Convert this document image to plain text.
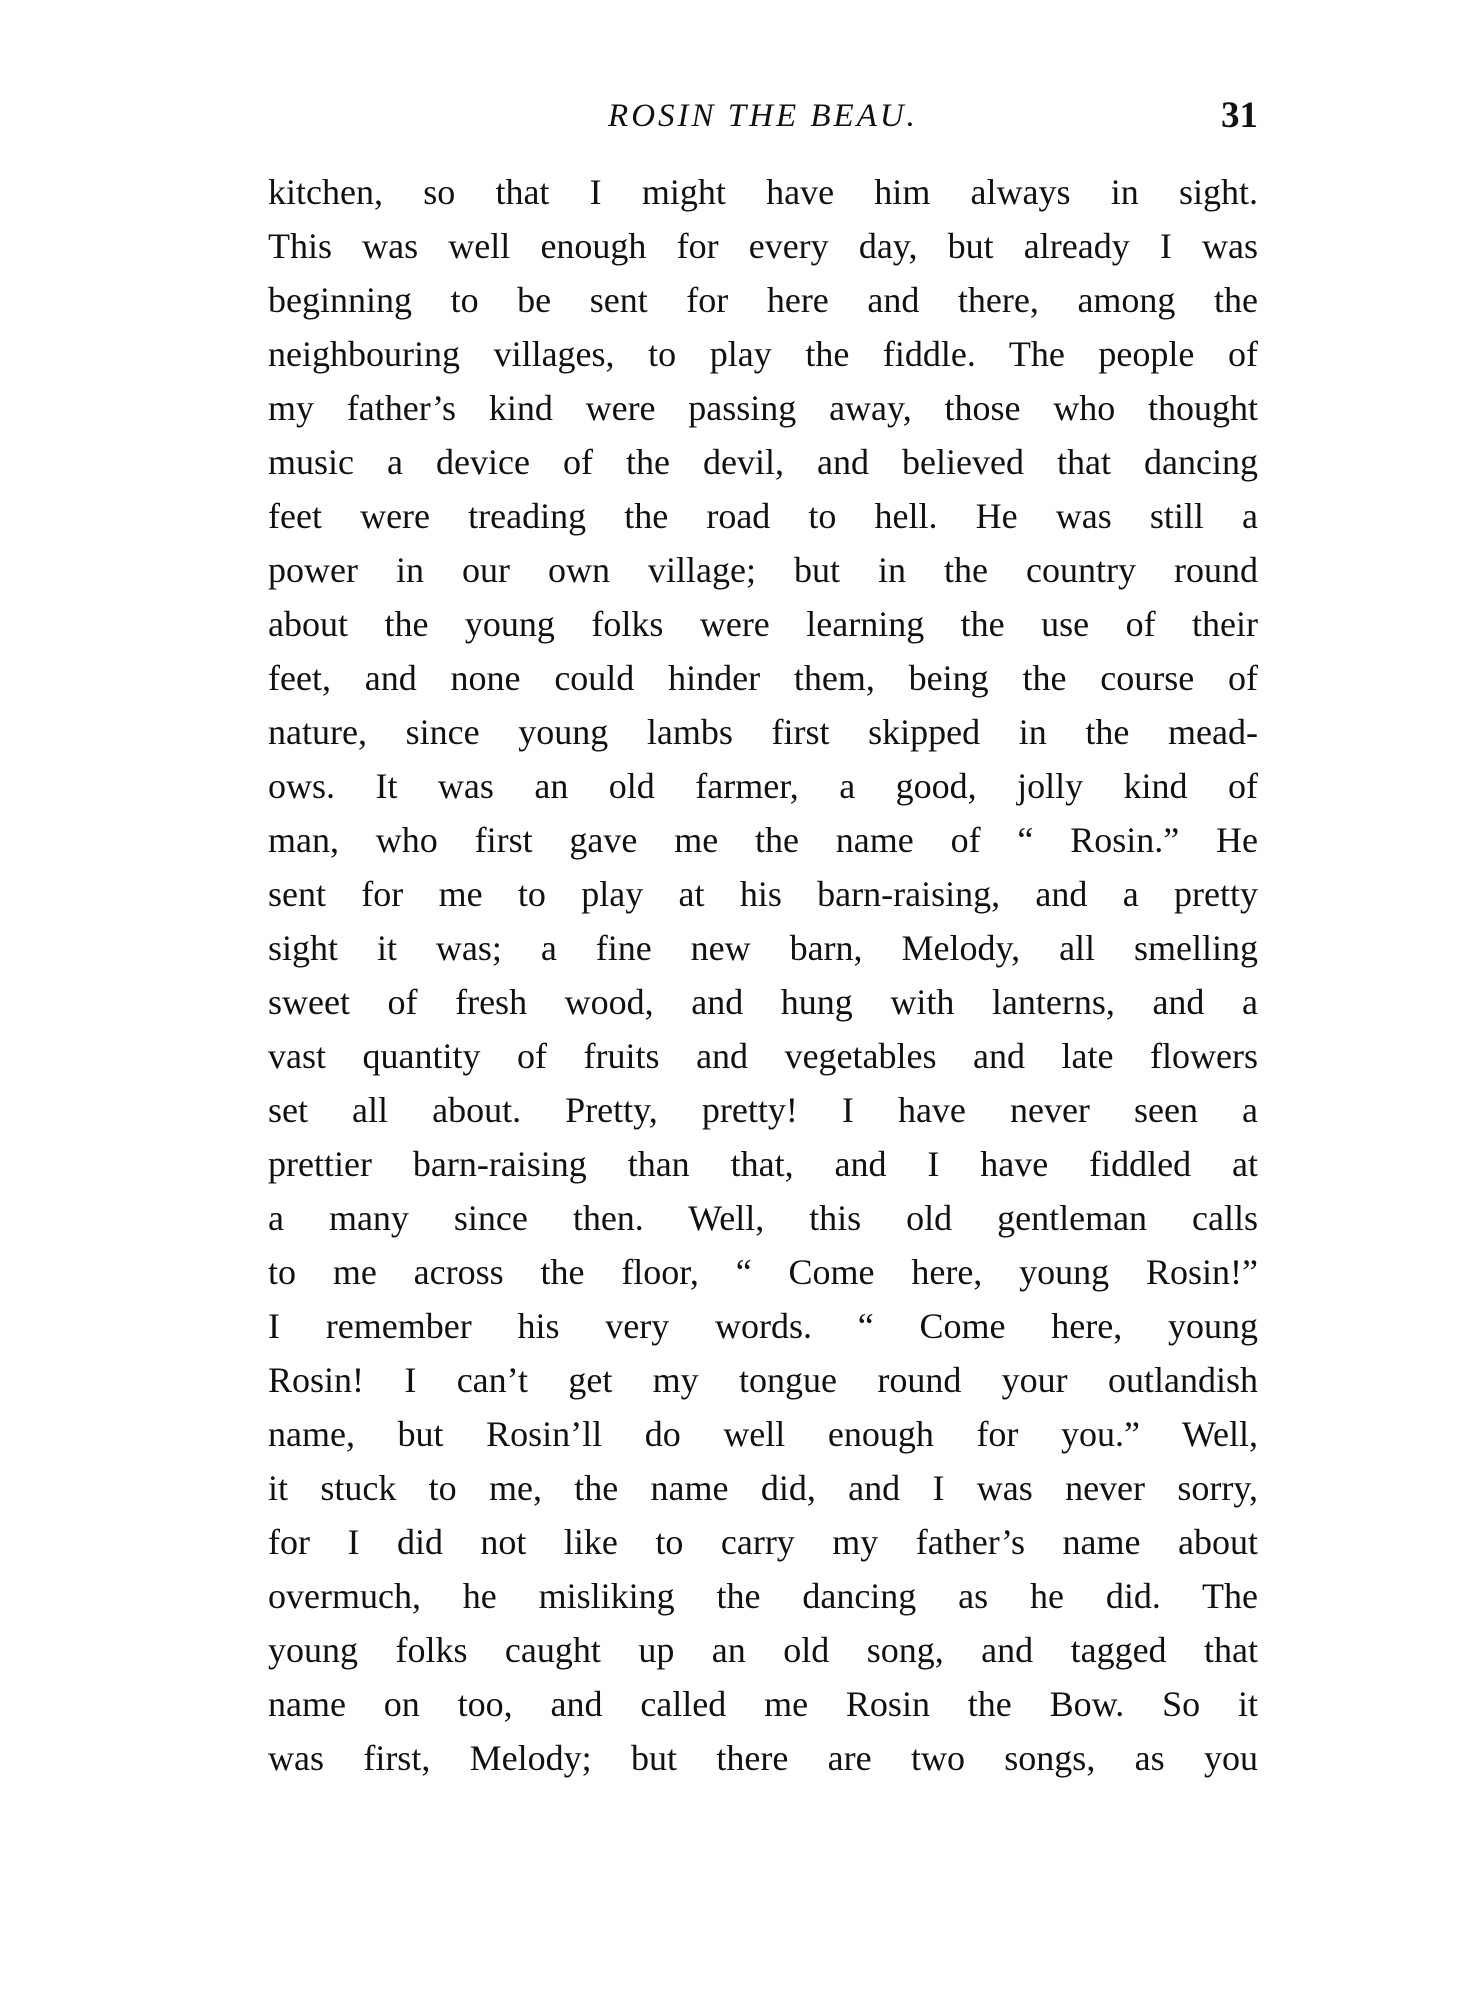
ROSIN THE BEAU.	31
kitchen, so that I might have him always in sight.
This was well enough for every day, but already I was
beginning to be sent for here and there, among the
neighbouring villages, to play the fiddle. The people of
my father’s kind were passing away, those who thought
music a device of the devil, and believed that dancing
feet were treading the road to hell. He was still a
power in our own village; but in the country round
about the young folks were learning the use of their
feet, and none could hinder them, being the course of
nature, since young lambs first skipped in the mead-
ows. It was an old farmer, a good, jolly kind of
man, who first gave me the name of “ Rosin.” He
sent for me to play at his barn-raising, and a pretty
sight it was; a fine new barn, Melody, all smelling
sweet of fresh wood, and hung with lanterns, and a
vast quantity of fruits and vegetables and late flowers
set all about. Pretty, pretty! I have never seen a
prettier barn-raising than that, and I have fiddled at
a many since then. Well, this old gentleman calls
to me across the floor, “ Come here, young Rosin!”
I remember his very words. “ Come here, young
Rosin! I can’t get my tongue round your outlandish
name, but Rosin’ll do well enough for you.” Well,
it stuck to me, the name did, and I was never sorry,
for I did not like to carry my father’s name about
overmuch, he misliking the dancing as he did. The
young folks caught up an old song, and tagged that
name on too, and called me Rosin the Bow. So it
was first, Melody; but there are two songs, as you
